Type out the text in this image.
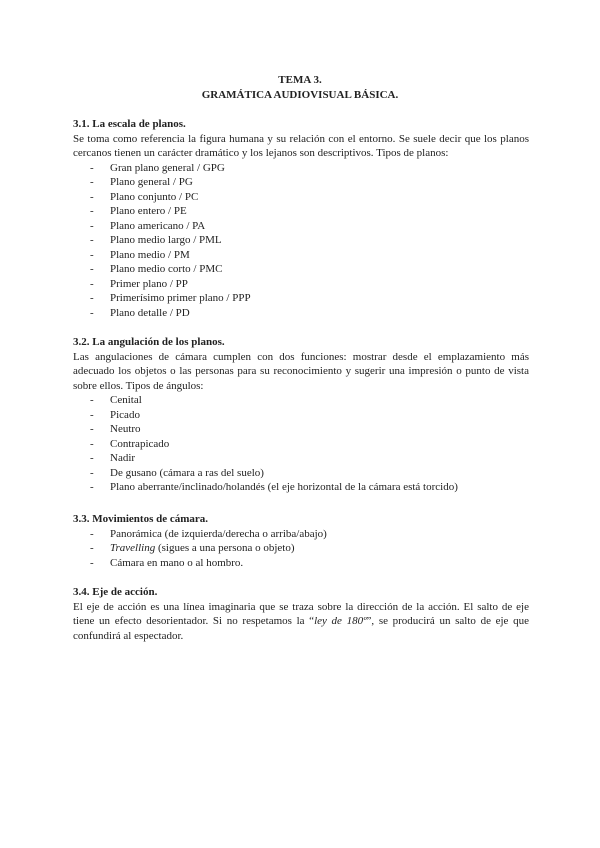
TEMA 3.
GRAMÁTICA AUDIOVISUAL BÁSICA.

3.1. La escala de planos.

Se toma como referencia la figura humana y su relación con el entorno. Se suele decir que los planos cercanos tienen un carácter dramático y los lejanos son descriptivos. Tipos de planos:

- Gran plano general / GPG
- Plano general / PG
- Plano conjunto / PC
- Plano entero / PE
- Plano americano / PA
- Plano medio largo / PML
- Plano medio / PM
- Plano medio corto / PMC
- Primer plano / PP
- Primerísimo primer plano / PPP
- Plano detalle / PD

3.2. La angulación de los planos.

Las angulaciones de cámara cumplen con dos funciones: mostrar desde el emplazamiento más adecuado los objetos o las personas para su reconocimiento y sugerir una impresión o punto de vista sobre ellos. Tipos de ángulos:

- Cenital
- Picado
- Neutro
- Contrapicado
- Nadir
- De gusano (cámara a ras del suelo)
- Plano aberrante/inclinado/holandés (el eje horizontal de la cámara está torcido)

3.3. Movimientos de cámara.

- Panorámica (de izquierda/derecha o arriba/abajo)
- Travelling (sigues a una persona o objeto)
- Cámara en mano o al hombro.

3.4. Eje de acción.

El eje de acción es una línea imaginaria que se traza sobre la dirección de la acción. El salto de eje tiene un efecto desorientador. Si no respetamos la “ley de 180º”, se producirá un salto de eje que confundirá al espectador.
